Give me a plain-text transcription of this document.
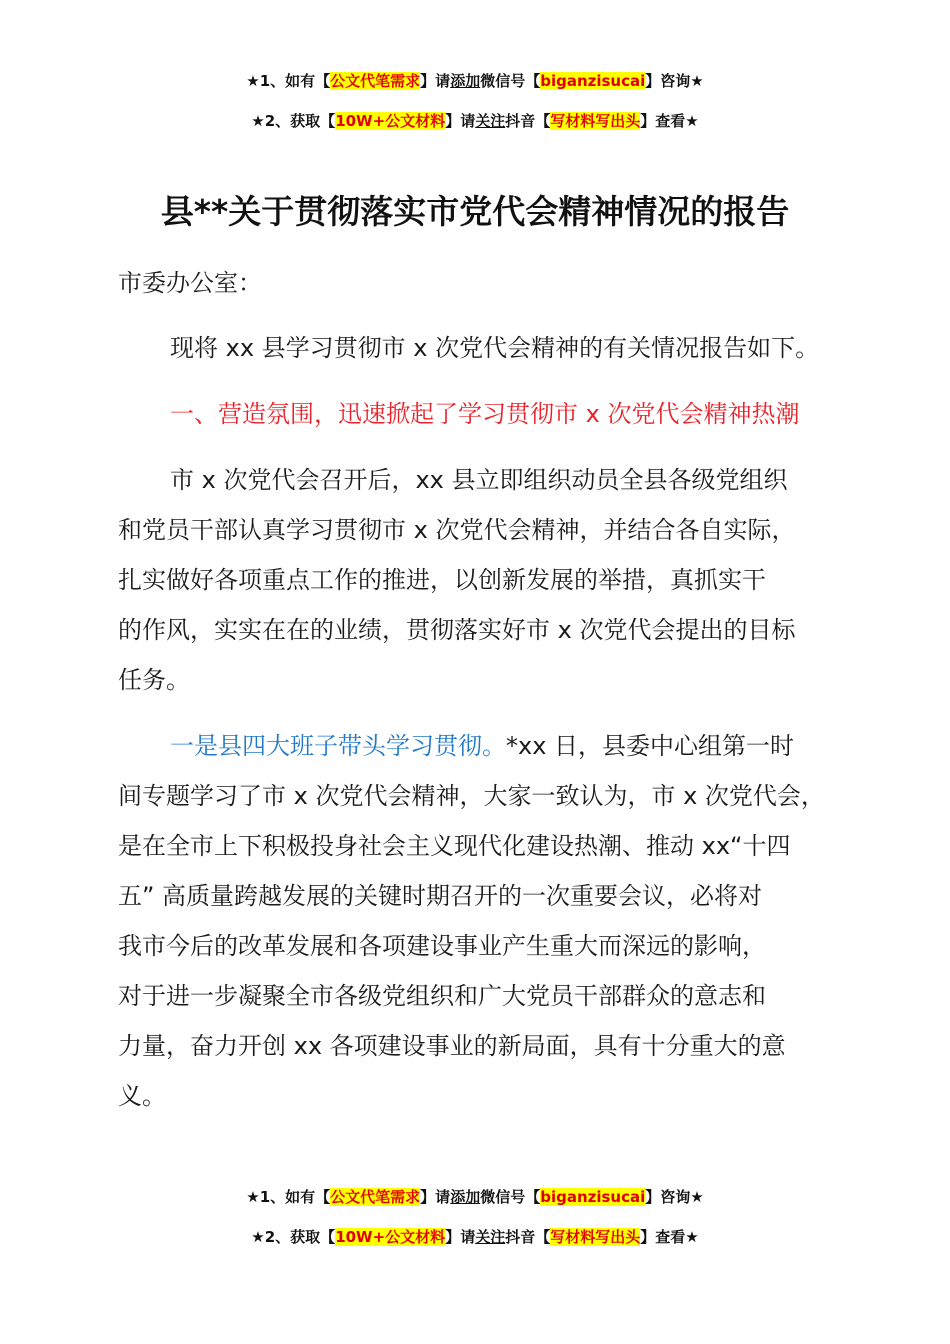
★1、如有【公文代笔需求】请添加微信号【biganzisucai】咨询★
★2、获取【10W+公文材料】请关注抖音【写材料写出头】查看★
县**关于贯彻落实市党代会精神情况的报告
市委办公室：
现将 xx 县学习贯彻市 x 次党代会精神的有关情况报告如下。
一、营造氛围，迅速掀起了学习贯彻市 x 次党代会精神热潮
市 x 次党代会召开后，xx 县立即组织动员全县各级党组织
和党员干部认真学习贯彻市 x 次党代会精神，并结合各自实际，
扎实做好各项重点工作的推进，以创新发展的举措，真抓实干
的作风，实实在在的业绩，贯彻落实好市 x 次党代会提出的目标
任务。
一是县四大班子带头学习贯彻。*xx 日，县委中心组第一时
间专题学习了市 x 次党代会精神，大家一致认为，市 x 次党代会，
是在全市上下积极投身社会主义现代化建设热潮、推动 xx“十四
五” 高质量跨越发展的关键时期召开的一次重要会议，必将对
我市今后的改革发展和各项建设事业产生重大而深远的影响，
对于进一步凝聚全市各级党组织和广大党员干部群众的意志和
力量，奋力开创 xx 各项建设事业的新局面，具有十分重大的意
义。
★1、如有【公文代笔需求】请添加微信号【biganzisucai】咨询★
★2、获取【10W+公文材料】请关注抖音【写材料写出头】查看★
